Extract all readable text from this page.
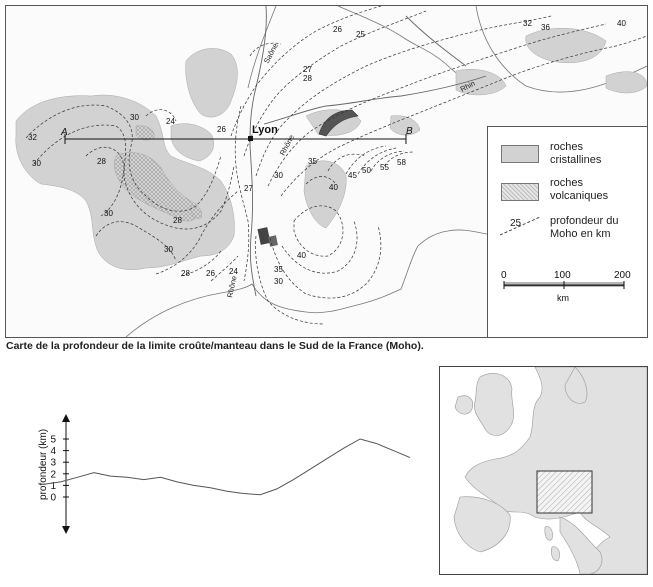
A	B
Lyon
Saône
Rhône
Rhin
Rhône
26
25
32 36	40
27
28
24
30
32
30	28
26
35
27
30	45
50 55
58
40
30
28
30
40
35
30
28 26 24
roches cristallines
roches volcaniques
25	profondeur du Moho en km
0	100	200
km
Carte de la profondeur de la limite croûte/manteau dans le Sud de la France (Moho).
5
4
3
2
1
0
profondeur (km)
